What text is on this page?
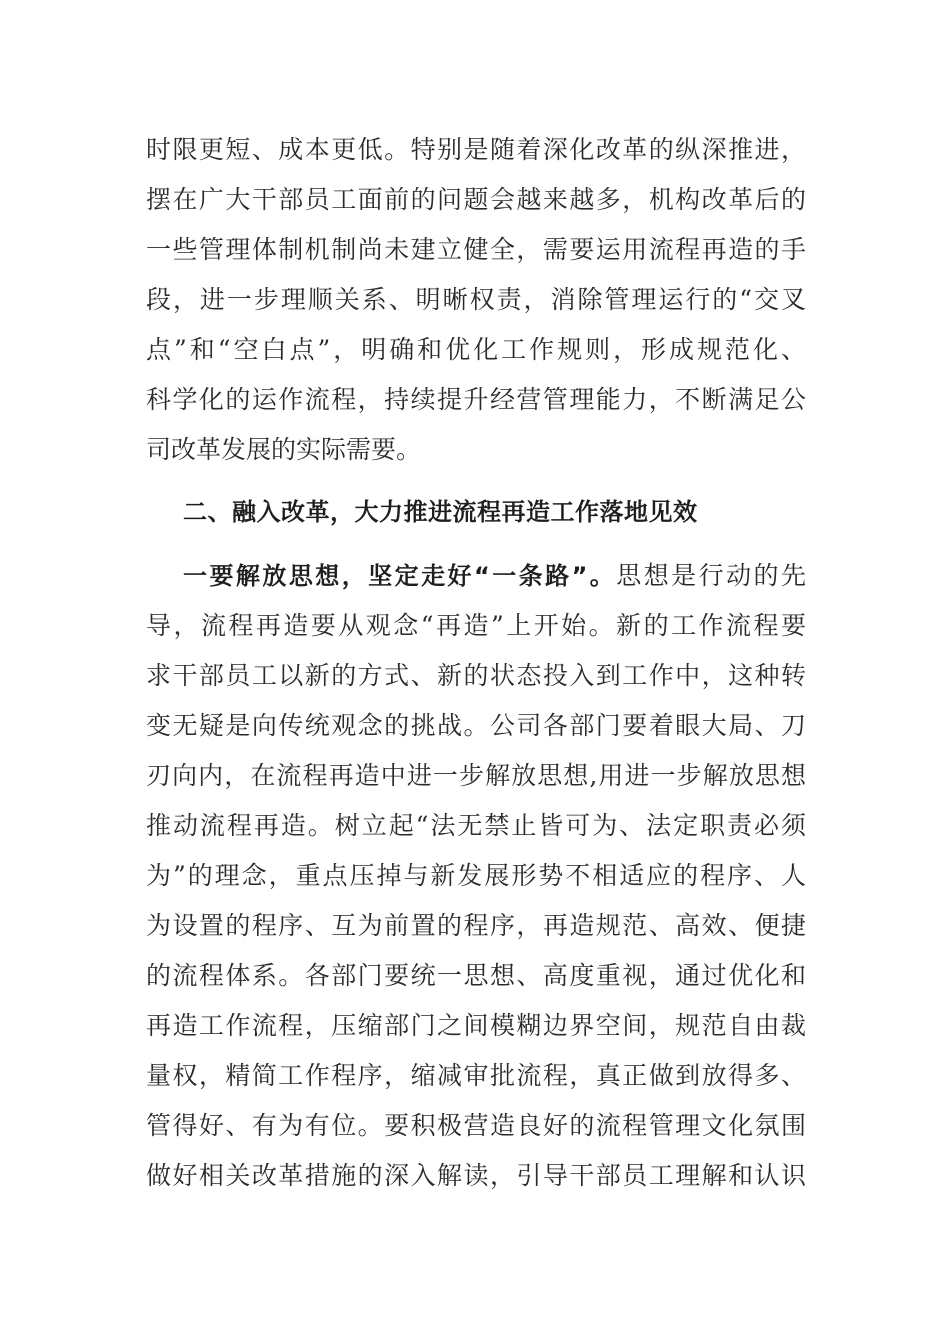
时限更短、成本更低。特别是随着深化改革的纵深推进，
摆在广大干部员工面前的问题会越来越多，机构改革后的
一些管理体制机制尚未建立健全，需要运用流程再造的手
段，进一步理顺关系、明晰权责，消除管理运行的“交叉
点”和“空白点”，明确和优化工作规则，形成规范化、
科学化的运作流程，持续提升经营管理能力，不断满足公
司改革发展的实际需要。
二、融入改革，大力推进流程再造工作落地见效
一要解放思想，坚定走好“一条路”。思想是行动的先
导，流程再造要从观念“再造”上开始。新的工作流程要
求干部员工以新的方式、新的状态投入到工作中，这种转
变无疑是向传统观念的挑战。公司各部门要着眼大局、刀
刃向内，在流程再造中进一步解放思想,用进一步解放思想
推动流程再造。树立起“法无禁止皆可为、法定职责必须
为”的理念，重点压掉与新发展形势不相适应的程序、人
为设置的程序、互为前置的程序，再造规范、高效、便捷
的流程体系。各部门要统一思想、高度重视，通过优化和
再造工作流程，压缩部门之间模糊边界空间，规范自由裁
量权，精简工作程序，缩减审批流程，真正做到放得多、
管得好、有为有位。要积极营造良好的流程管理文化氛围
做好相关改革措施的深入解读，引导干部员工理解和认识
